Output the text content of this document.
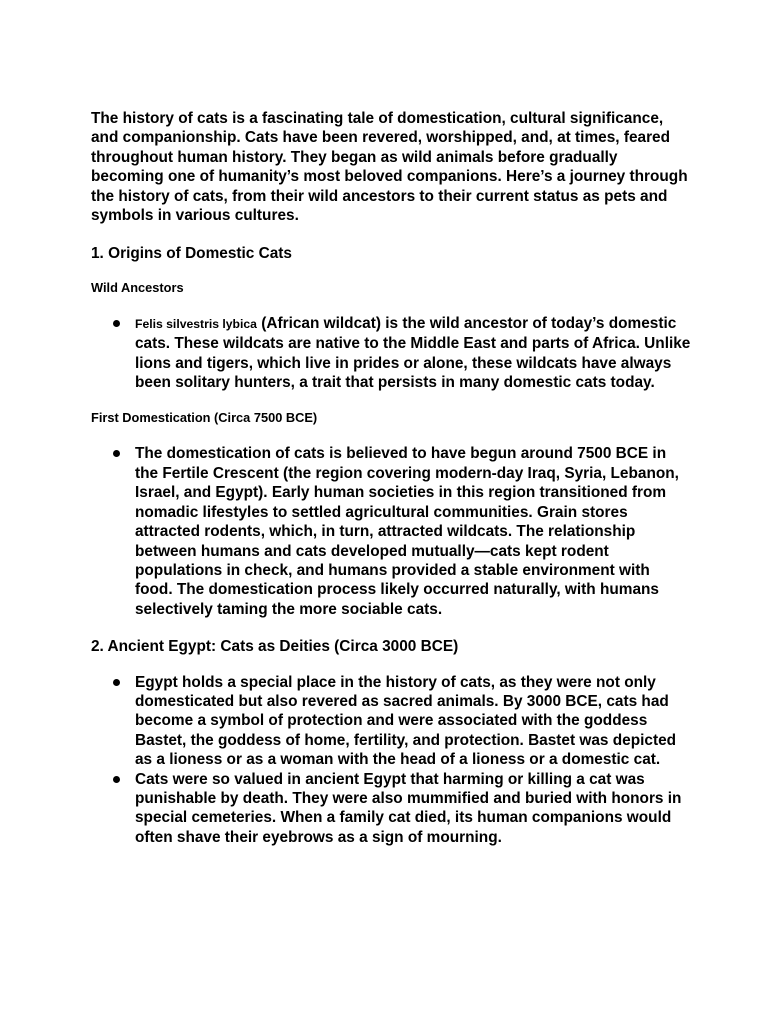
The history of cats is a fascinating tale of domestication, cultural significance, and companionship. Cats have been revered, worshipped, and, at times, feared throughout human history. They began as wild animals before gradually becoming one of humanity’s most beloved companions. Here’s a journey through the history of cats, from their wild ancestors to their current status as pets and symbols in various cultures.

1. Origins of Domestic Cats
Wild Ancestors
Felis silvestris lybica (African wildcat) is the wild ancestor of today’s domestic cats. These wildcats are native to the Middle East and parts of Africa. Unlike lions and tigers, which live in prides or alone, these wildcats have always been solitary hunters, a trait that persists in many domestic cats today.
First Domestication (Circa 7500 BCE)
The domestication of cats is believed to have begun around 7500 BCE in the Fertile Crescent (the region covering modern-day Iraq, Syria, Lebanon, Israel, and Egypt). Early human societies in this region transitioned from nomadic lifestyles to settled agricultural communities. Grain stores attracted rodents, which, in turn, attracted wildcats. The relationship between humans and cats developed mutually—cats kept rodent populations in check, and humans provided a stable environment with food. The domestication process likely occurred naturally, with humans selectively taming the more sociable cats.
2. Ancient Egypt: Cats as Deities (Circa 3000 BCE)
Egypt holds a special place in the history of cats, as they were not only domesticated but also revered as sacred animals. By 3000 BCE, cats had become a symbol of protection and were associated with the goddess Bastet, the goddess of home, fertility, and protection. Bastet was depicted as a lioness or as a woman with the head of a lioness or a domestic cat.
Cats were so valued in ancient Egypt that harming or killing a cat was punishable by death. They were also mummified and buried with honors in special cemeteries. When a family cat died, its human companions would often shave their eyebrows as a sign of mourning.
